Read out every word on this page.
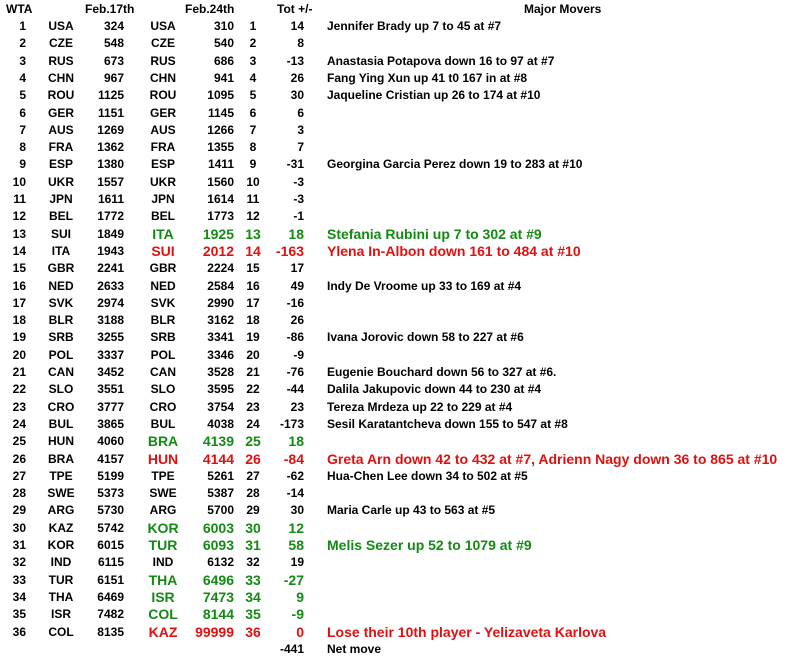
WTA	Feb.17th	Feb.24th	Tot +/-	Major Movers
1	USA	324	USA	310	1	14 Jennifer Brady up 7 to 45 at #7
2	CZE	548	CZE	540	2	8
3	RUS	673	RUS	686	3	-13 Anastasia Potapova down 16 to 97 at #7
4	CHN	967	CHN	941	4	26 Fang Ying Xun up 41 t0 167 in at #8
5	ROU	1125	ROU	1095	5	30 Jaqueline Cristian up 26 to 174 at #10
6	GER	1151	GER	1145	6	6
7	AUS	1269	AUS	1266	7	3
8	FRA	1362	FRA	1355	8	7
9	ESP	1380	ESP	1411	9	-31 Georgina Garcia Perez down 19 to 283 at #10
10	UKR	1557	UKR	1560	10	-3
11	JPN	1611	JPN	1614	11	-3
12	BEL	1772	BEL	1773	12	-1
13	SUI	1849	ITA	1925 13	18 Stefania Rubini up 7 to 302 at #9
14	ITA	1943	SUI	2012 14	-163 Ylena In-Albon down 161 to 484 at #10
15	GBR	2241	GBR	2224	15	17
16	NED	2633	NED	2584	16	49 Indy De Vroome up 33 to 169 at #4
17	SVK	2974	SVK	2990	17	-16
18	BLR	3188	BLR	3162	18	26
19	SRB	3255	SRB	3341	19	-86 Ivana Jorovic down 58 to 227 at #6
20	POL	3337	POL	3346	20	-9
21	CAN	3452	CAN	3528	21	-76 Eugenie Bouchard down 56 to 327 at #6.
22	SLO	3551	SLO	3595	22	-44 Dalila Jakupovic down 44 to 230 at #4
23	CRO	3777	CRO	3754	23	23 Tereza Mrdeza up 22 to 229 at #4
24	BUL	3865	BUL	4038	24	-173 Sesil Karatantcheva down 155 to 547 at #8
25	HUN	4060 BRA	4139 25	18
26	BRA	4157 HUN	4144 26	-84 Greta Arn down 42 to 432 at #7, Adrienn Nagy down 36 to 865 at #10
27	TPE	5199	TPE	5261	27	-62 Hua-Chen Lee down 34 to 502 at #5
28 SWE	5373	SWE	5387	28	-14
29	ARG	5730	ARG	5700	29	30 Maria Carle up 43 to 563 at #5
30	KAZ	5742 KOR	6003 30	12
31	KOR	6015	TUR	6093 31	58 Melis Sezer up 52 to 1079 at #9
32	IND	6115	IND	6132	32	19
33	TUR	6151	THA	6496 33	-27
34	THA	6469	ISR	7473 34	9
35	ISR	7482	COL	8144 35	-9
36	COL	8135	KAZ	99999 36	0 Lose their 10th player - Yelizaveta Karlova
-441 Net move
